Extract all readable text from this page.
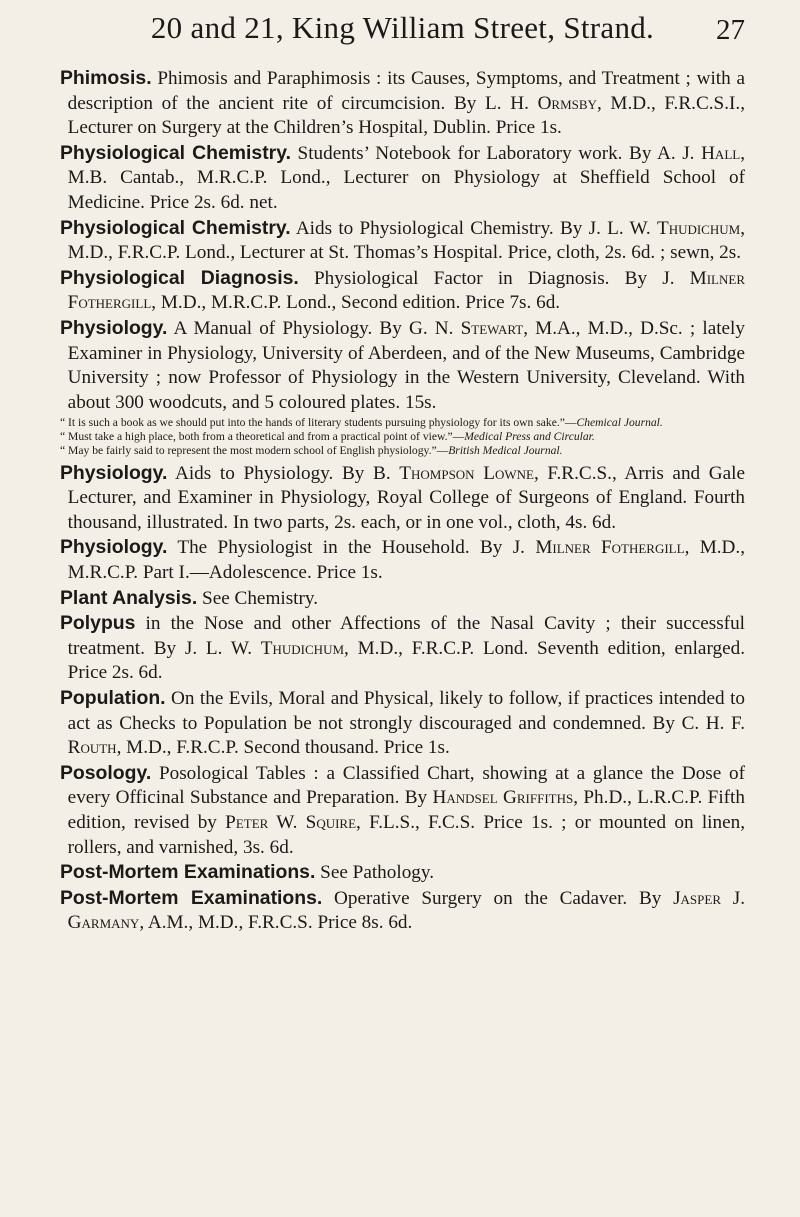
20 and 21, King William Street, Strand. 27

Phimosis. Phimosis and Paraphimosis : its Causes, Symptoms, and Treatment ; with a description of the ancient rite of circumcision. By L. H. Ormsby, M.D., F.R.C.S.I., Lecturer on Surgery at the Children’s Hospital, Dublin. Price 1s.

Physiological Chemistry. Students’ Notebook for Laboratory work. By A. J. Hall, M.B. Cantab., M.R.C.P. Lond., Lecturer on Physiology at Sheffield School of Medicine. Price 2s. 6d. net.

Physiological Chemistry. Aids to Physiological Chemistry. By J. L. W. Thudichum, M.D., F.R.C.P. Lond., Lecturer at St. Thomas’s Hospital. Price, cloth, 2s. 6d. ; sewn, 2s.

Physiological Diagnosis. Physiological Factor in Diagnosis. By J. Milner Fothergill, M.D., M.R.C.P. Lond., Second edition. Price 7s. 6d.

Physiology. A Manual of Physiology. By G. N. Stewart, M.A., M.D., D.Sc. ; lately Examiner in Physiology, University of Aberdeen, and of the New Museums, Cambridge University ; now Professor of Physiology in the Western University, Cleveland. With about 300 woodcuts, and 5 coloured plates. 15s.

“ It is such a book as we should put into the hands of literary students pursuing physiology for its own sake.”—Chemical Journal.

“ Must take a high place, both from a theoretical and from a practical point of view.”—Medical Press and Circular.

“ May be fairly said to represent the most modern school of English physiology.”—British Medical Journal.

Physiology. Aids to Physiology. By B. Thompson Lowne, F.R.C.S., Arris and Gale Lecturer, and Examiner in Physiology, Royal College of Surgeons of England. Fourth thousand, illustrated. In two parts, 2s. each, or in one vol., cloth, 4s. 6d.

Physiology. The Physiologist in the Household. By J. Milner Fothergill, M.D., M.R.C.P. Part I.—Adolescence. Price 1s.

Plant Analysis. See Chemistry.

Polypus in the Nose and other Affections of the Nasal Cavity ; their successful treatment. By J. L. W. Thudichum, M.D., F.R.C.P. Lond. Seventh edition, enlarged. Price 2s. 6d.

Population. On the Evils, Moral and Physical, likely to follow, if practices intended to act as Checks to Population be not strongly discouraged and condemned. By C. H. F. Routh, M.D., F.R.C.P. Second thousand. Price 1s.

Posology. Posological Tables : a Classified Chart, showing at a glance the Dose of every Officinal Substance and Preparation. By Handsel Griffiths, Ph.D., L.R.C.P. Fifth edition, revised by Peter W. Squire, F.L.S., F.C.S. Price 1s. ; or mounted on linen, rollers, and varnished, 3s. 6d.

Post-Mortem Examinations. See Pathology.

Post-Mortem Examinations. Operative Surgery on the Cadaver. By Jasper J. Garmany, A.M., M.D., F.R.C.S. Price 8s. 6d.
